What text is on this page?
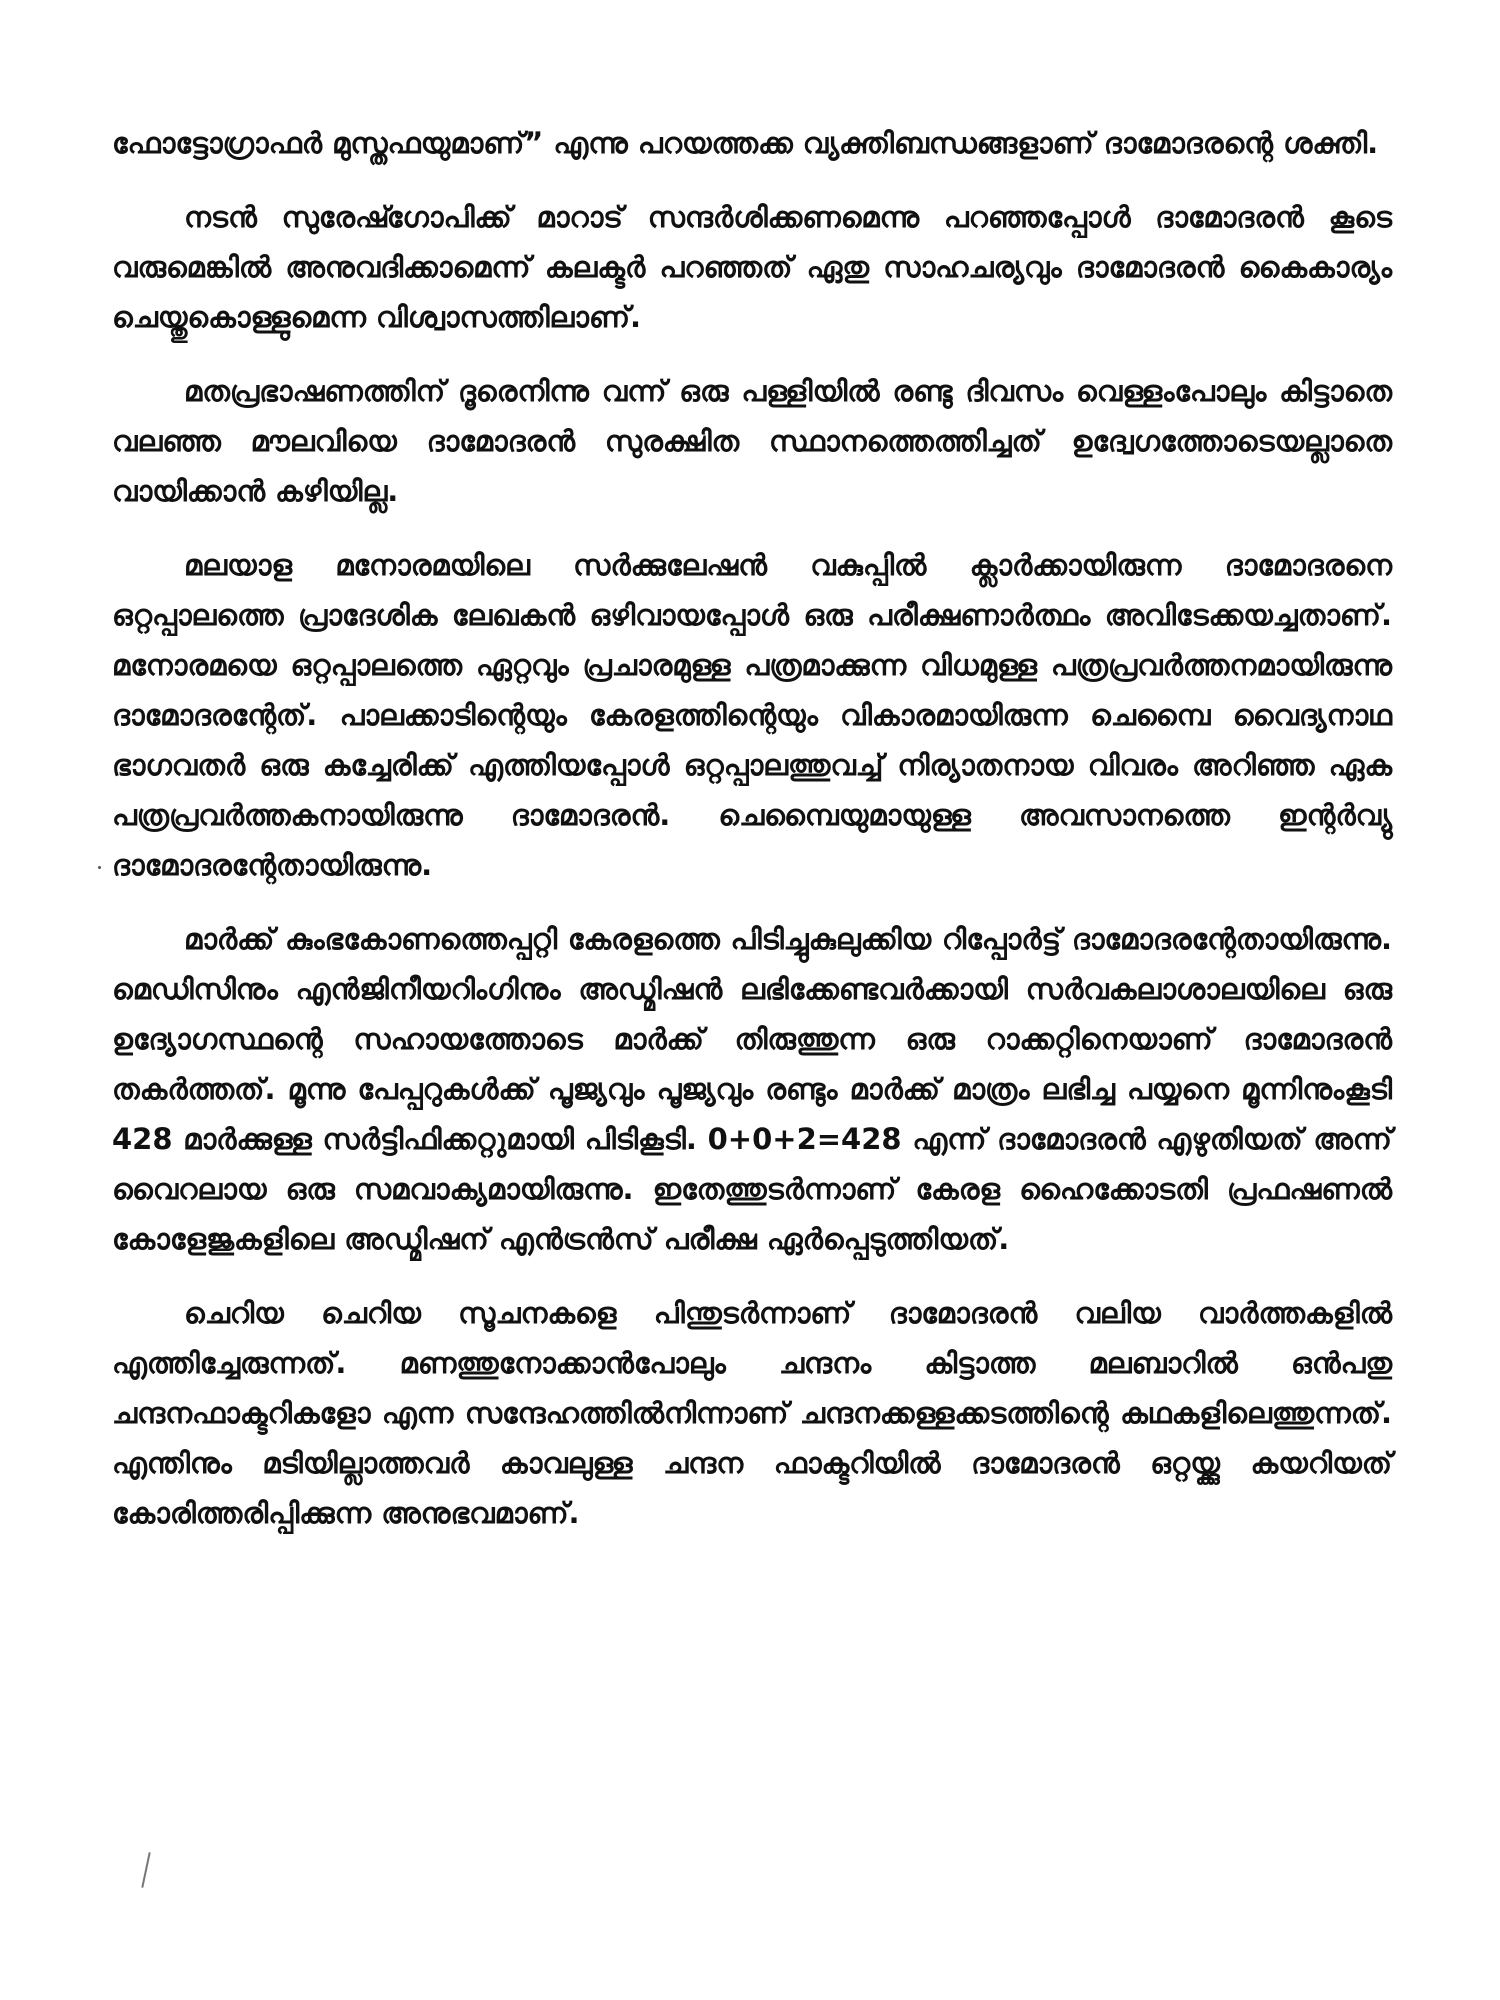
ഫോട്ടോഗ്രാഫർ മുസ്തഫയുമാണ്” എന്നു പറയത്തക്ക വ്യക്തിബന്ധങ്ങളാണ് ദാമോദരന്റെ ശക്തി.

നടൻ സുരേഷ്ഗോപിക്ക് മാറാട് സന്ദർശിക്കണമെന്നു പറഞ്ഞപ്പോൾ ദാമോദരൻ കൂടെ വരുമെങ്കിൽ അനുവദിക്കാമെന്ന് കലക്ടർ പറഞ്ഞത് ഏതു സാഹചര്യവും ദാമോദരൻ കൈകാര്യം ചെയ്തുകൊള്ളുമെന്ന വിശ്വാസത്തിലാണ്.

മതപ്രഭാഷണത്തിന് ദൂരെനിന്നു വന്ന് ഒരു പള്ളിയിൽ രണ്ടു ദിവസം വെള്ളംപോലും കിട്ടാതെ വലഞ്ഞ മൗലവിയെ ദാമോദരൻ സുരക്ഷിത സ്ഥാനത്തെത്തിച്ചത് ഉദ്വേഗത്തോടെയല്ലാതെ വായിക്കാൻ കഴിയില്ല.

മലയാള മനോരമയിലെ സർക്കുലേഷൻ വകുപ്പിൽ ക്ലാർക്കായിരുന്ന ദാമോദരനെ ഒറ്റപ്പാലത്തെ പ്രാദേശിക ലേഖകൻ ഒഴിവായപ്പോൾ ഒരു പരീക്ഷണാർത്ഥം അവിടേക്കയച്ചതാണ്. മനോരമയെ ഒറ്റപ്പാലത്തെ ഏറ്റവും പ്രചാരമുള്ള പത്രമാക്കുന്ന വിധമുള്ള പത്രപ്രവർത്തനമായിരുന്നു ദാമോദരന്റേത്. പാലക്കാടിന്റെയും കേരളത്തിന്റെയും വികാരമായിരുന്ന ചെമ്പൈ വൈദ്യനാഥ ഭാഗവതർ ഒരു കച്ചേരിക്ക് എത്തിയപ്പോൾ ഒറ്റപ്പാലത്തുവച്ച് നിര്യാതനായ വിവരം അറിഞ്ഞ ഏക പത്രപ്രവർത്തകനായിരുന്നു ദാമോദരൻ. ചെമ്പൈയുമായുള്ള അവസാനത്തെ ഇന്റർവ്യു ദാമോദരന്റേതായിരുന്നു.

മാർക്ക് കുംഭകോണത്തെപ്പറ്റി കേരളത്തെ പിടിച്ചുകുലുക്കിയ റിപ്പോർട്ട് ദാമോദരന്റേതായിരുന്നു. മെഡിസിനും എൻജിനീയറിംഗിനും അഡ്മിഷൻ ലഭിക്കേണ്ടവർക്കായി സർവകലാശാലയിലെ ഒരു ഉദ്യോഗസ്ഥന്റെ സഹായത്തോടെ മാർക്ക് തിരുത്തുന്ന ഒരു റാക്കറ്റിനെയാണ് ദാമോദരൻ തകർത്തത്. മൂന്നു പേപ്പറുകൾക്ക് പൂജ്യവും പൂജ്യവും രണ്ടും മാർക്ക് മാത്രം ലഭിച്ച പയ്യനെ മൂന്നിനുംകൂടി 428 മാർക്കുള്ള സർട്ടിഫിക്കറ്റുമായി പിടികൂടി. 0+0+2=428 എന്ന് ദാമോദരൻ എഴുതിയത് അന്ന് വൈറലായ ഒരു സമവാക്യമായിരുന്നു. ഇതേത്തുടർന്നാണ് കേരള ഹൈക്കോടതി പ്രഫഷണൽ കോളേജുകളിലെ അഡ്മിഷന് എൻട്രൻസ് പരീക്ഷ ഏർപ്പെടുത്തിയത്.

ചെറിയ ചെറിയ സൂചനകളെ പിന്തുടർന്നാണ് ദാമോദരൻ വലിയ വാർത്തകളിൽ എത്തിച്ചേരുന്നത്. മണത്തുനോക്കാൻപോലും ചന്ദനം കിട്ടാത്ത മലബാറിൽ ഒൻപതു ചന്ദനഫാക്ടറികളോ എന്ന സന്ദേഹത്തിൽനിന്നാണ് ചന്ദനക്കള്ളക്കടത്തിന്റെ കഥകളിലെത്തുന്നത്. എന്തിനും മടിയില്ലാത്തവർ കാവലുള്ള ചന്ദന ഫാക്ടറിയിൽ ദാമോദരൻ ഒറ്റയ്ക്കു കയറിയത് കോരിത്തരിപ്പിക്കുന്ന അനുഭവമാണ്.
